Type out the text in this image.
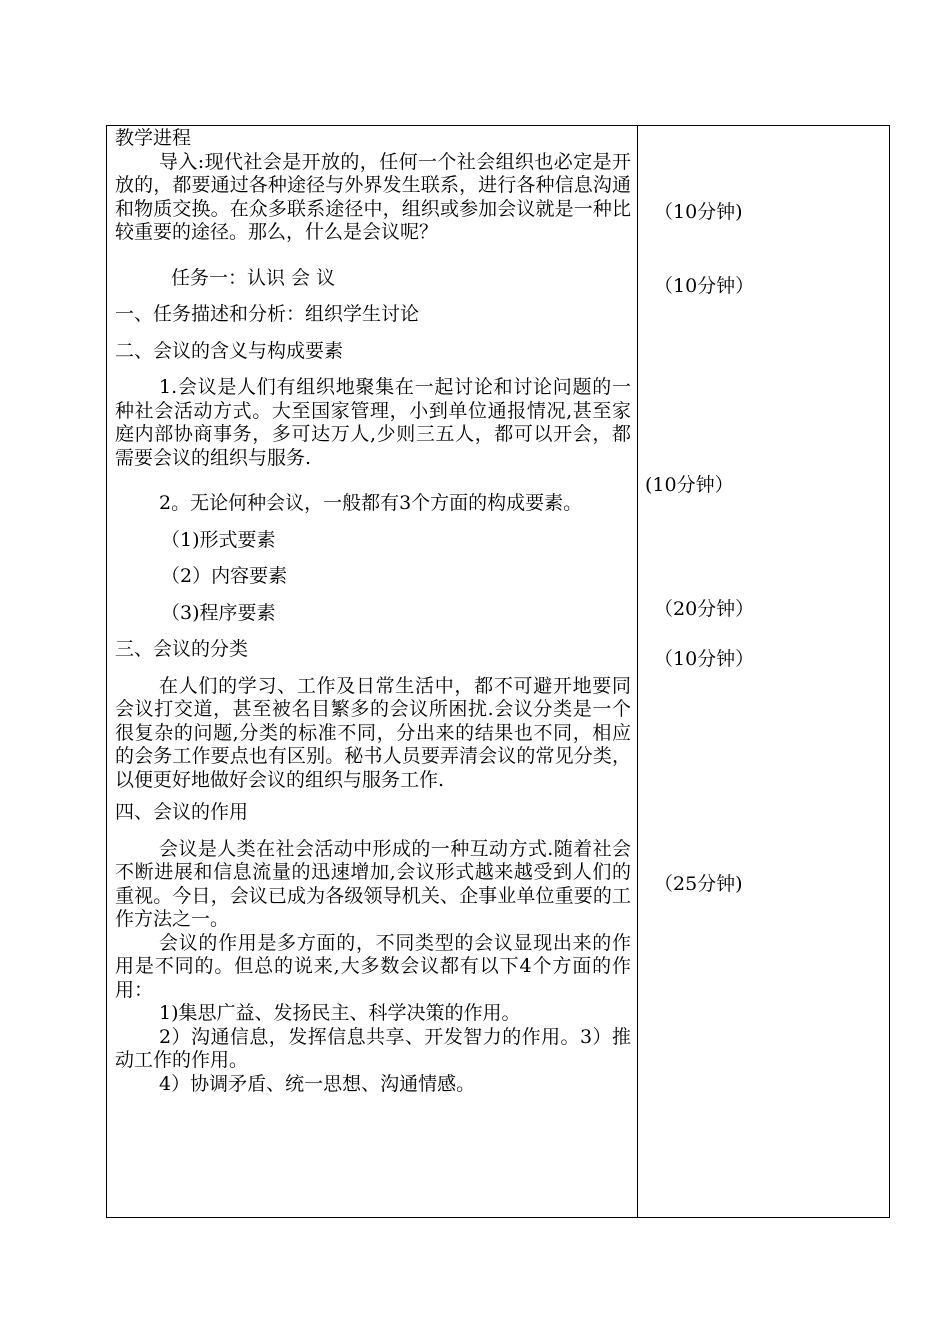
教学进程

导入:现代社会是开放的，任何一个社会组织也必定是开放的，都要通过各种途径与外界发生联系，进行各种信息沟通和物质交换。在众多联系途径中，组织或参加会议就是一种比较重要的途径。那么，什么是会议呢？

任务一：认识 会 议

一、任务描述和分析：组织学生讨论

二、会议的含义与构成要素

1.会议是人们有组织地聚集在一起讨论和讨论问题的一种社会活动方式。大至国家管理，小到单位通报情况,甚至家庭内部协商事务，多可达万人,少则三五人，都可以开会，都需要会议的组织与服务.

2。无论何种会议，一般都有3个方面的构成要素。

（1)形式要素

（2）内容要素

（3)程序要素

三、会议的分类

在人们的学习、工作及日常生活中，都不可避开地要同会议打交道，甚至被名目繁多的会议所困扰.会议分类是一个很复杂的问题,分类的标准不同，分出来的结果也不同，相应的会务工作要点也有区别。秘书人员要弄清会议的常见分类，以便更好地做好会议的组织与服务工作.

四、会议的作用

会议是人类在社会活动中形成的一种互动方式.随着社会不断进展和信息流量的迅速增加,会议形式越来越受到人们的重视。今日，会议已成为各级领导机关、企事业单位重要的工作方法之一。

会议的作用是多方面的，不同类型的会议显现出来的作用是不同的。但总的说来,大多数会议都有以下4个方面的作用：

1)集思广益、发扬民主、科学决策的作用。

2）沟通信息，发挥信息共享、开发智力的作用。3）推动工作的作用。

4）协调矛盾、统一思想、沟通情感。

（10分钟)
（10分钟）
(10分钟）
（20分钟）
（10分钟）
（25分钟)
